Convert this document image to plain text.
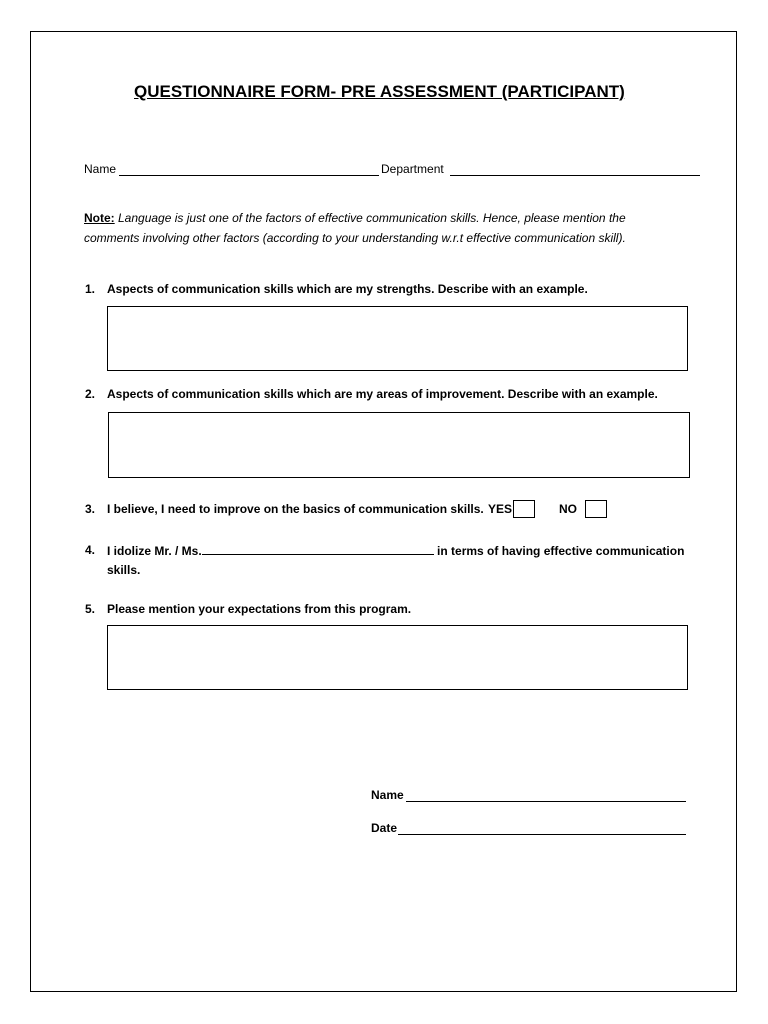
QUESTIONNAIRE FORM- PRE ASSESSMENT (PARTICIPANT)
Name	Department
Note: Language is just one of the factors of effective communication skills. Hence, please mention the
comments involving other factors (according to your understanding w.r.t effective communication skill).
1. Aspects of communication skills which are my strengths. Describe with an example.
2. Aspects of communication skills which are my areas of improvement. Describe with an example.
3. I believe, I need to improve on the basics of communication skills. YES	NO
4. I idolize Mr. / Ms.	in terms of having effective communication
skills.
5. Please mention your expectations from this program.
Name
Date
